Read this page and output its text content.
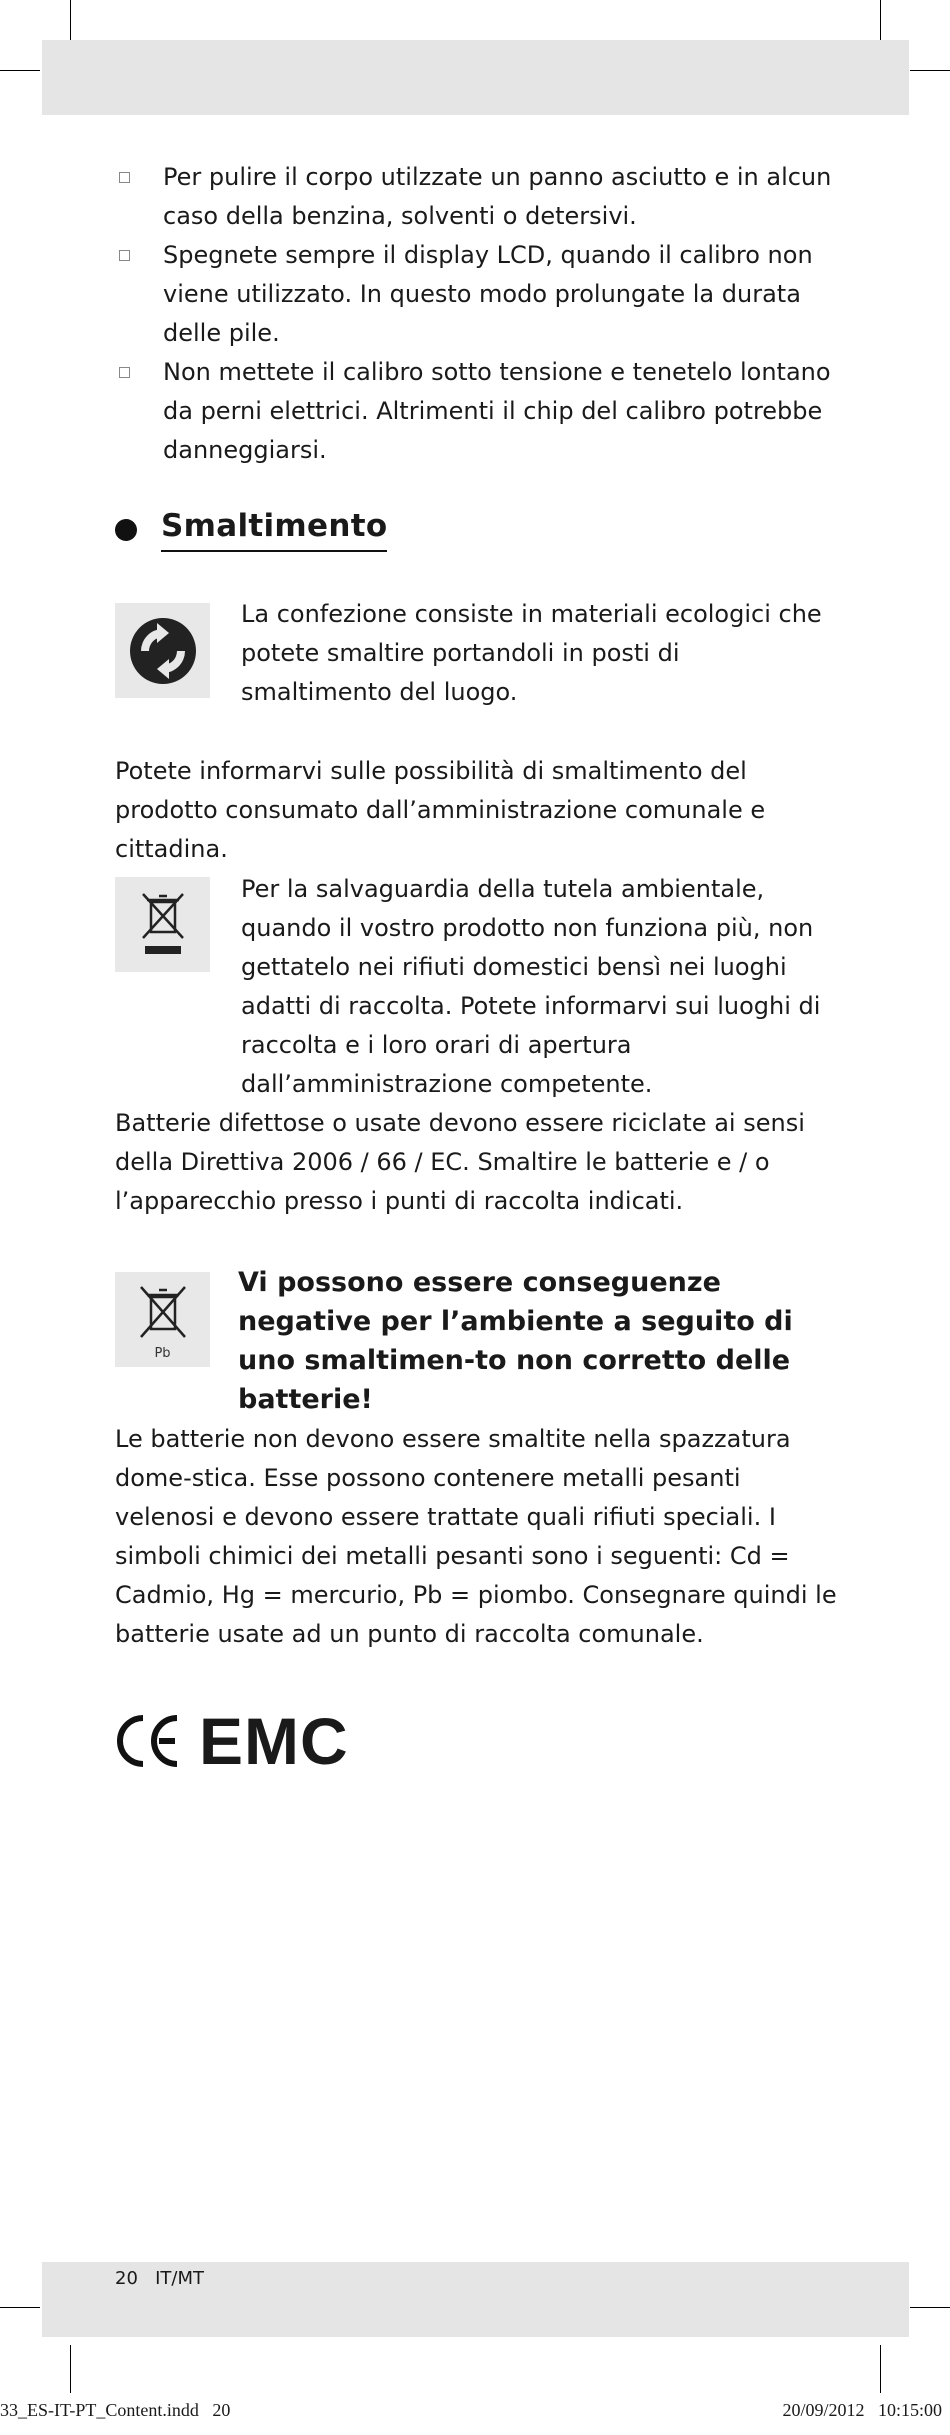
Per pulire il corpo utilzzate un panno asciutto e in alcun caso della benzina, solventi o detersivi.
Spegnete sempre il display LCD, quando il calibro non viene utilizzato. In questo modo prolungate la durata delle pile.
Non mettete il calibro sotto tensione e tenetelo lontano da perni elettrici. Altrimenti il chip del calibro potrebbe danneggiarsi.
Smaltimento
La confezione consiste in materiali ecologici che potete smaltire portandoli in posti di smaltimento del luogo.
Potete informarvi sulle possibilità di smaltimento del prodotto consumato dall’amministrazione comunale e cittadina.
Per la salvaguardia della tutela ambientale, quando il vostro prodotto non funziona più, non gettatelo nei rifiuti domestici bensì nei luoghi adatti di raccolta. Potete informarvi sui luoghi di raccolta e i loro orari di apertura dall’amministrazione competente.
Batterie difettose o usate devono essere riciclate ai sensi della Direttiva 2006 / 66 / EC. Smaltire le batterie e / o l’apparecchio presso i punti di raccolta indicati.
Pb
Vi possono essere conseguenze negative per l’ambiente a seguito di uno smaltimen-to non corretto delle batterie!
Le batterie non devono essere smaltite nella spazzatura dome-stica. Esse possono contenere metalli pesanti velenosi e devono essere trattate quali rifiuti speciali. I simboli chimici dei metalli pesanti sono i seguenti: Cd = Cadmio, Hg = mercurio, Pb = piombo. Consegnare quindi le batterie usate ad un punto di raccolta comunale.
EMC
20 IT/MT
33_ES-IT-PT_Content.indd   20	20/09/2012   10:15:00
